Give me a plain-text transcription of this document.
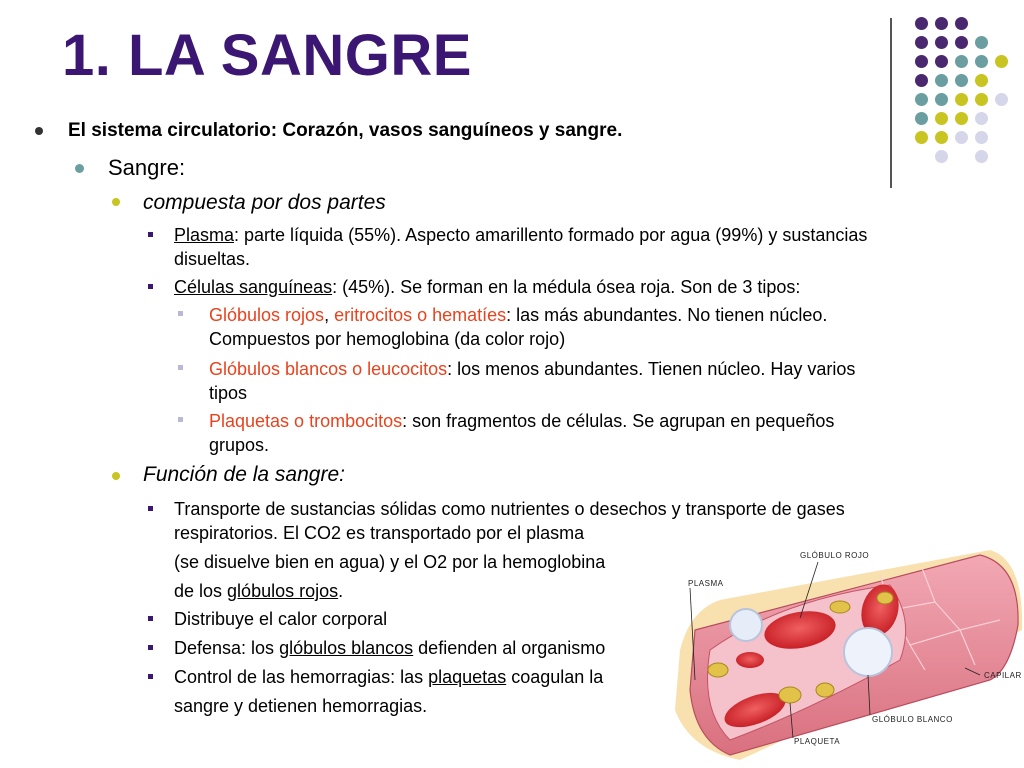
1. LA SANGRE
El sistema circulatorio: Corazón, vasos sanguíneos y sangre.
Sangre:
compuesta por dos partes
Plasma: parte líquida (55%). Aspecto amarillento formado por agua (99%) y sustancias
disueltas.
Células sanguíneas: (45%). Se forman en la médula ósea roja. Son de 3 tipos:
Glóbulos rojos, eritrocitos o hematíes: las más abundantes. No tienen núcleo.
Compuestos por hemoglobina (da color rojo)
Glóbulos blancos o leucocitos: los menos abundantes. Tienen núcleo. Hay varios
tipos
Plaquetas o trombocitos: son fragmentos de células. Se agrupan en pequeños
grupos.
Función de la sangre:
Transporte de sustancias sólidas como nutrientes o desechos y transporte de gases
respiratorios. El CO2 es transportado por el plasma
(se disuelve bien en agua) y el O2 por la hemoglobina
de los glóbulos rojos.
Distribuye el calor corporal
Defensa: los glóbulos blancos defienden al organismo
Control de las hemorragias: las plaquetas coagulan la
sangre y detienen hemorragias.
GLÓBULO ROJO
PLASMA
CAPILAR
GLÓBULO BLANCO
PLAQUETA
